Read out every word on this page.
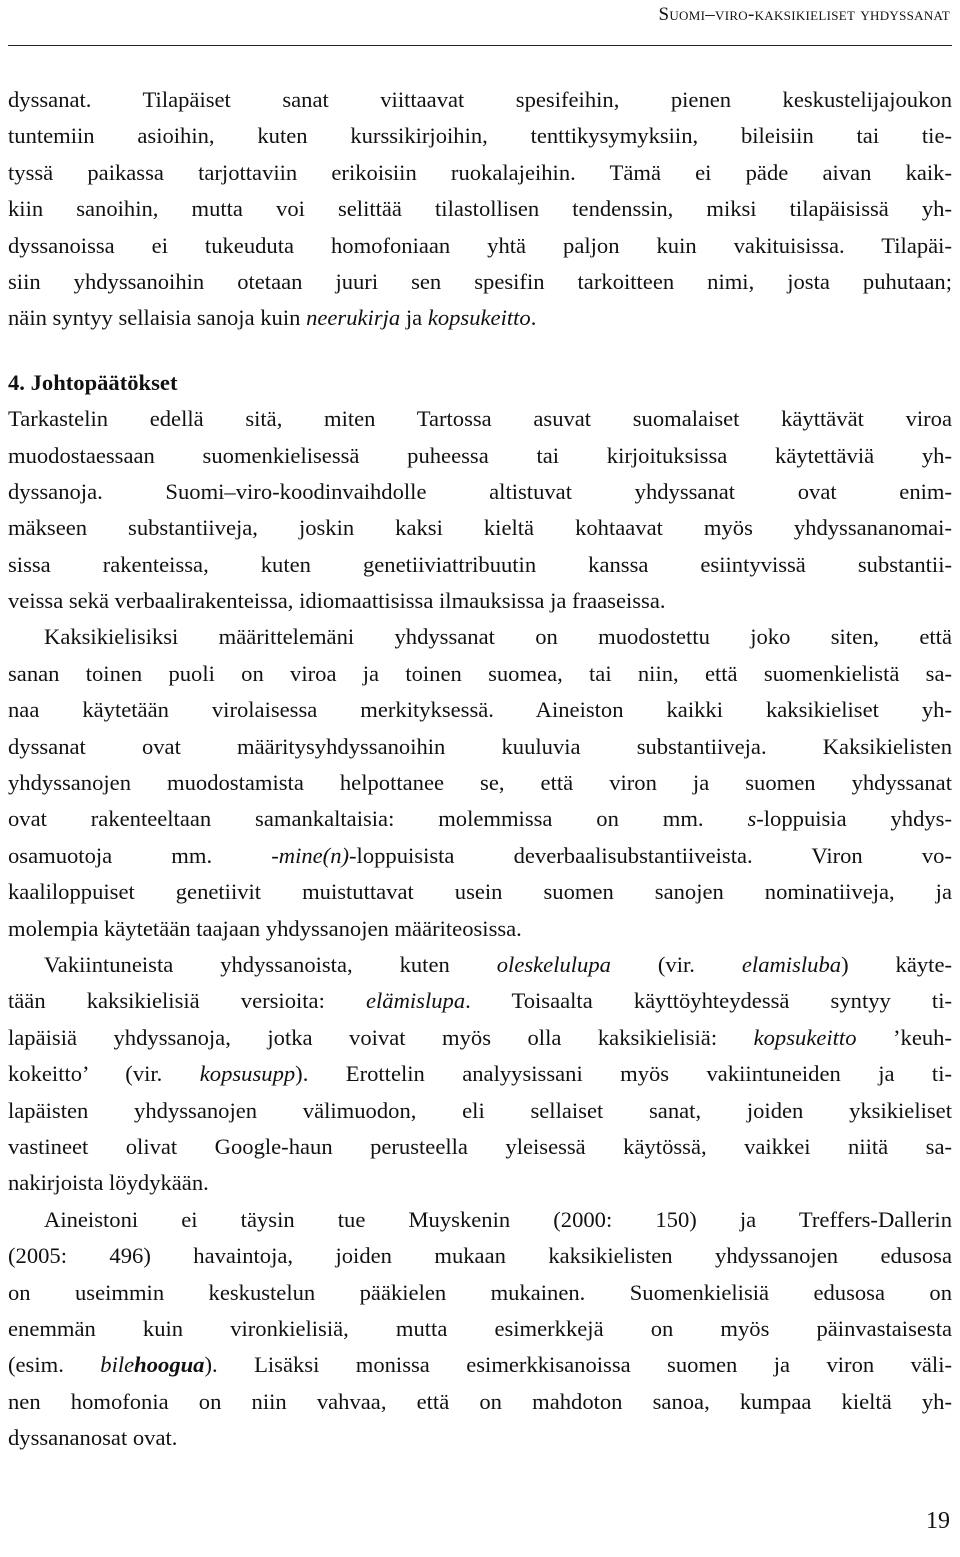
Suomi–viro-kaksikieliset yhdyssanat
dyssanat. Tilapäiset sanat viittaavat spesifeihin, pienen keskustelijajoukon
tuntemiin asioihin, kuten kurssikirjoihin, tenttikysymyksiin, bileisiin tai tie-
tyssä paikassa tarjottaviin erikoisiin ruokalajeihin. Tämä ei päde aivan kaik-
kiin sanoihin, mutta voi selittää tilastollisen tendenssin, miksi tilapäisissä yh-
dyssanoissa ei tukeuduta homofoniaan yhtä paljon kuin vakituisissa. Tilapäi-
siin yhdyssanoihin otetaan juuri sen spesifin tarkoitteen nimi, josta puhutaan;
näin syntyy sellaisia sanoja kuin neerukirja ja kopsukeitto.
4. Johtopäätökset
Tarkastelin edellä sitä, miten Tartossa asuvat suomalaiset käyttävät viroa
muodostaessaan suomenkielisessä puheessa tai kirjoituksissa käytettäviä yh-
dyssanoja. Suomi–viro-koodinvaihdolle altistuvat yhdyssanat ovat enim-
mäkseen substantiiveja, joskin kaksi kieltä kohtaavat myös yhdyssananomai-
sissa rakenteissa, kuten genetiiviattribuutin kanssa esiintyvissä substantii-
veissa sekä verbaalirakenteissa, idiomaattisissa ilmauksissa ja fraaseissa.
Kaksikielisiksi määrittelemäni yhdyssanat on muodostettu joko siten, että
sanan toinen puoli on viroa ja toinen suomea, tai niin, että suomenkielistä sa-
naa käytetään virolaisessa merkityksessä. Aineiston kaikki kaksikieliset yh-
dyssanat ovat määritysyhdyssanoihin kuuluvia substantiiveja. Kaksikielisten
yhdyssanojen muodostamista helpottanee se, että viron ja suomen yhdyssanat
ovat rakenteeltaan samankaltaisia: molemmissa on mm. s-loppuisia yhdys-
osamuotoja mm. -mine(n)-loppuisista deverbaalisubstantiiveista. Viron vo-
kaaliloppuiset genetiivit muistuttavat usein suomen sanojen nominatiiveja, ja
molempia käytetään taajaan yhdyssanojen määriteosissa.
Vakiintuneista yhdyssanoista, kuten oleskelulupa (vir. elamisluba) käyte-
tään kaksikielisiä versioita: elämislupa. Toisaalta käyttöyhteydessä syntyy ti-
lapäisiä yhdyssanoja, jotka voivat myös olla kaksikielisiä: kopsukeitto ’keuh-
kokeitto’ (vir. kopsusupp). Erottelin analyysissani myös vakiintuneiden ja ti-
lapäisten yhdyssanojen välimuodon, eli sellaiset sanat, joiden yksikieliset
vastineet olivat Google-haun perusteella yleisessä käytössä, vaikkei niitä sa-
nakirjoista löydykään.
Aineistoni ei täysin tue Muyskenin (2000: 150) ja Treffers-Dallerin
(2005: 496) havaintoja, joiden mukaan kaksikielisten yhdyssanojen edusosa
on useimmin keskustelun pääkielen mukainen. Suomenkielisiä edusosa on
enemmän kuin vironkielisiä, mutta esimerkkejä on myös päinvastaisesta
(esim. bilehoogua). Lisäksi monissa esimerkkisanoissa suomen ja viron väli-
nen homofonia on niin vahvaa, että on mahdoton sanoa, kumpaa kieltä yh-
dyssananosat ovat.
19
